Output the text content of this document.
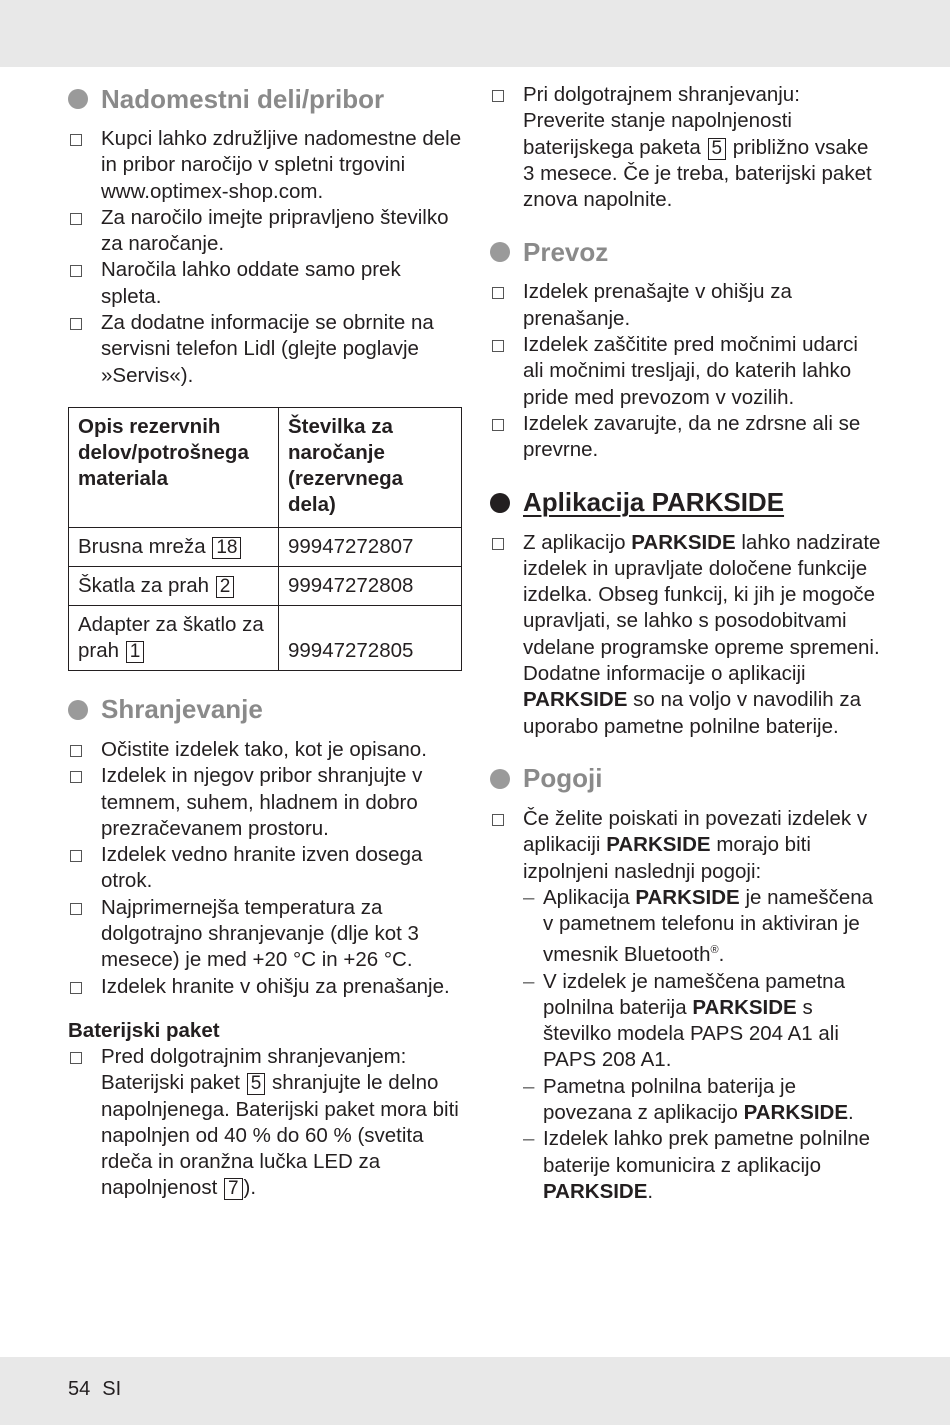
Nadomestni deli/pribor
Kupci lahko združljive nadomestne dele in pribor naročijo v spletni trgovini www.optimex-shop.com.
Za naročilo imejte pripravljeno številko za naročanje.
Naročila lahko oddate samo prek spleta.
Za dodatne informacije se obrnite na servisni telefon Lidl (glejte poglavje »Servis«).
Opis rezervnih delov/potrošnega materiala	Številka za naročanje (rezervnega dela)
Brusna mreža 18	99947272807
Škatla za prah 2	99947272808
Adapter za škatlo za prah 1	99947272805
Shranjevanje
Očistite izdelek tako, kot je opisano.
Izdelek in njegov pribor shranjujte v temnem, suhem, hladnem in dobro prezračevanem prostoru.
Izdelek vedno hranite izven dosega otrok.
Najprimernejša temperatura za dolgotrajno shranjevanje (dlje kot 3 mesece) je med +20 °C in +26 °C.
Izdelek hranite v ohišju za prenašanje.
Baterijski paket
Pred dolgotrajnim shranjevanjem: Baterijski paket 5 shranjujte le delno napolnjenega. Baterijski paket mora biti napolnjen od 40 % do 60 % (svetita rdeča in oranžna lučka LED za napolnjenost 7 ).
Pri dolgotrajnem shranjevanju: Preverite stanje napolnjenosti baterijskega paketa 5 približno vsake 3 mesece. Če je treba, baterijski paket znova napolnite.
Prevoz
Izdelek prenašajte v ohišju za prenašanje.
Izdelek zaščitite pred močnimi udarci ali močnimi tresljaji, do katerih lahko pride med prevozom v vozilih.
Izdelek zavarujte, da ne zdrsne ali se prevrne.
Aplikacija PARKSIDE
Z aplikacijo PARKSIDE lahko nadzirate izdelek in upravljate določene funkcije izdelka. Obseg funkcij, ki jih je mogoče upravljati, se lahko s posodobitvami vdelane programske opreme spremeni. Dodatne informacije o aplikaciji PARKSIDE so na voljo v navodilih za uporabo pametne polnilne baterije.
Pogoji
Če želite poiskati in povezati izdelek v aplikaciji PARKSIDE morajo biti izpolnjeni naslednji pogoji:
– Aplikacija PARKSIDE je nameščena v pametnem telefonu in aktiviran je vmesnik Bluetooth®.
– V izdelek je nameščena pametna polnilna baterija PARKSIDE s številko modela PAPS 204 A1 ali PAPS 208 A1.
– Pametna polnilna baterija je povezana z aplikacijo PARKSIDE.
– Izdelek lahko prek pametne polnilne baterije komunicira z aplikacijo PARKSIDE.
54 SI
